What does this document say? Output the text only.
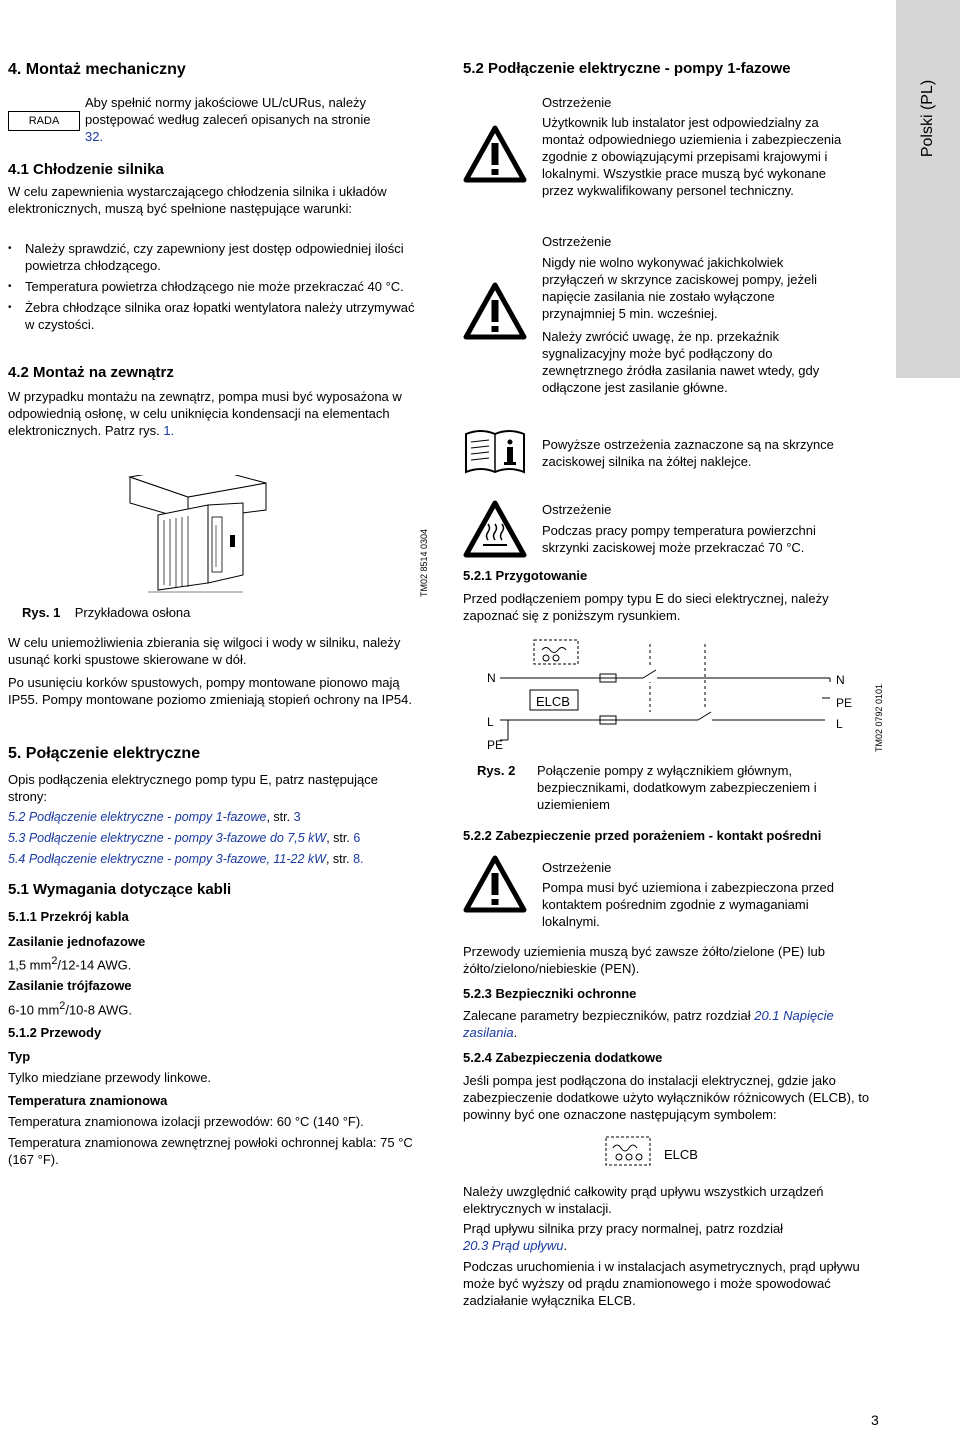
Polski (PL)
4. Montaż mechaniczny
RADA

Aby spełnić normy jakościowe UL/cURus, należy

postępować według zaleceń opisanych na stronie

32.

4.1 Chłodzenie silnika

W celu zapewnienia wystarczającego chłodzenia silnika i układów elektronicznych, muszą być spełnione następujące warunki:

• Należy sprawdzić, czy zapewniony jest dostęp odpowiedniej ilości powietrza chłodzącego.
• Temperatura powietrza chłodzącego nie może przekraczać 40 °C.
• Żebra chłodzące silnika oraz łopatki wentylatora należy utrzymywać w czystości.
4.2 Montaż na zewnątrz

W przypadku montażu na zewnątrz, pompa musi być wyposażona w odpowiednią osłonę, w celu uniknięcia kondensacji na elementach elektronicznych. Patrz rys. 1.

TM02 8514 0304

Rys. 1 Przykładowa osłona

W celu uniemożliwienia zbierania się wilgoci i wody w silniku, należy usunąć korki spustowe skierowane w dół.

Po usunięciu korków spustowych, pompy montowane pionowo mają IP55. Pompy montowane poziomo zmieniają stopień ochrony na IP54.

5. Połączenie elektryczne

Opis podłączenia elektrycznego pomp typu E, patrz następujące strony:

5.2 Podłączenie elektryczne - pompy 1-fazowe, str. 3

5.3 Podłączenie elektryczne - pompy 3-fazowe do 7,5 kW, str. 6

5.4 Podłączenie elektryczne - pompy 3-fazowe, 11-22 kW, str. 8.

5.1 Wymagania dotyczące kabli
5.1.1 Przekrój kabla
Zasilanie jednofazowe

1,5 $mm^2/12-14$ AWG.

Zasilanie trójfazowe

6-10 $mm^2/10-8$ AWG.

5.1.2 Przewody
Typ

Tylko miedziane przewody linkowe.

Temperatura znamionowa

Temperatura znamionowa izolacji przewodów: 60 °C (140 °F).

Temperatura znamionowa zewnętrznej powłoki ochronnej kabla: 75 °C (167 °F).

5.2 Podłączenie elektryczne - pompy 1-fazowe

Ostrzeżenie

Użytkownik lub instalator jest odpowiedzialny za montaż odpowiedniego uziemienia i zabezpieczenia zgodnie z obowiązującymi przepisami krajowymi i lokalnymi. Wszystkie prace muszą być wykonane przez wykwalifikowany personel techniczny.

Ostrzeżenie

Nigdy nie wolno wykonywać jakichkolwiek przyłączeń w skrzynce zaciskowej pompy, jeżeli napięcie zasilania nie zostało wyłączone przynajmniej 5 min. wcześniej.

Należy zwrócić uwagę, że np. przekaźnik sygnalizacyjny może być podłączony do zewnętrznego źródła zasilania nawet wtedy, gdy odłączone jest zasilanie główne.

Powyższe ostrzeżenia zaznaczone są na skrzynce zaciskowej silnika na żółtej naklejce.

Ostrzeżenie

Podczas pracy pompy temperatura powierzchni skrzynki zaciskowej może przekraczać 70 °C.

5.2.1 Przygotowanie

Przed podłączeniem pompy typu E do sieci elektrycznej, należy zapoznać się z poniższym rysunkiem.

N

L

PE

N

PE

L

ELCB	TM02 0792 0101

Rys. 2 Połączenie pompy z wyłącznikiem głównym, bezpiecznikami, dodatkowym zabezpieczeniem i uziemieniem

5.2.2 Zabezpieczenie przed porażeniem - kontakt pośredni

Ostrzeżenie

Pompa musi być uziemiona i zabezpieczona przed kontaktem pośrednim zgodnie z wymaganiami lokalnymi.

Przewody uziemienia muszą być zawsze żółto/zielone (PE) lub żółto/zielono/niebieskie (PEN).

5.2.3 Bezpieczniki ochronne

Zalecane parametry bezpieczników, patrz rozdział 20.1 Napięcie zasilania.

5.2.4 Zabezpieczenia dodatkowe

Jeśli pompa jest podłączona do instalacji elektrycznej, gdzie jako zabezpieczenie dodatkowe użyto wyłączników różnicowych (ELCB), to powinny być one oznaczone następującym symbolem:

ELCB

Należy uwzględnić całkowity prąd upływu wszystkich urządzeń elektrycznych w instalacji.

Prąd upływu silnika przy pracy normalnej, patrz rozdział
20.3 Prąd upływu.

Podczas uruchomienia i w instalacjach asymetrycznych, prąd upływu może być wyższy od prądu znamionowego i może spowodować zadziałanie wyłącznika ELCB.

3
